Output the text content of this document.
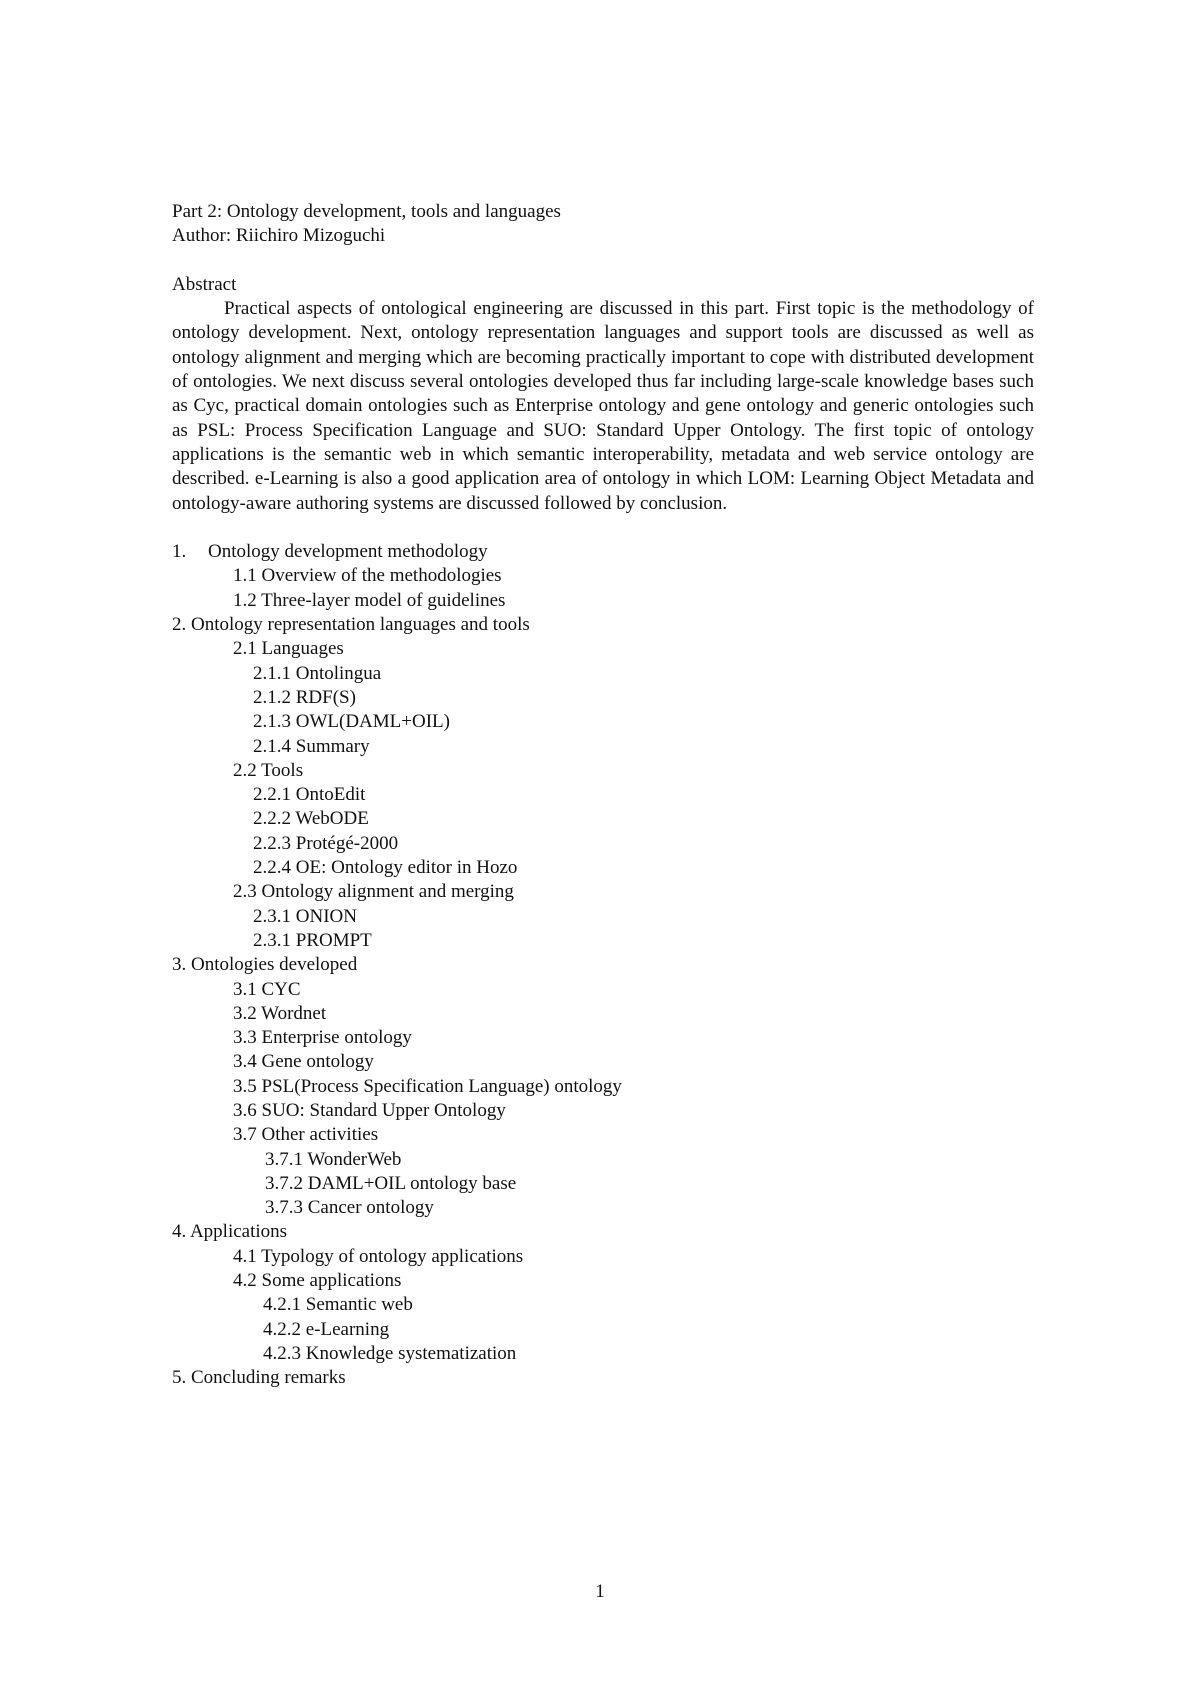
Part 2: Ontology development, tools and languages
Author: Riichiro Mizoguchi
Abstract
Practical aspects of ontological engineering are discussed in this part. First topic is the methodology of ontology development. Next, ontology representation languages and support tools are discussed as well as ontology alignment and merging which are becoming practically important to cope with distributed development of ontologies. We next discuss several ontologies developed thus far including large-scale knowledge bases such as Cyc, practical domain ontologies such as Enterprise ontology and gene ontology and generic ontologies such as PSL: Process Specification Language and SUO: Standard Upper Ontology. The first topic of ontology applications is the semantic web in which semantic interoperability, metadata and web service ontology are described. e-Learning is also a good application area of ontology in which LOM: Learning Object Metadata and ontology-aware authoring systems are discussed followed by conclusion.
1. Ontology development methodology
1.1 Overview of the methodologies
1.2 Three-layer model of guidelines
2. Ontology representation languages and tools
2.1 Languages
2.1.1 Ontolingua
2.1.2 RDF(S)
2.1.3 OWL(DAML+OIL)
2.1.4 Summary
2.2 Tools
2.2.1 OntoEdit
2.2.2 WebODE
2.2.3 Protégé-2000
2.2.4 OE: Ontology editor in Hozo
2.3 Ontology alignment and merging
2.3.1 ONION
2.3.1 PROMPT
3. Ontologies developed
3.1 CYC
3.2 Wordnet
3.3 Enterprise ontology
3.4 Gene ontology
3.5 PSL(Process Specification Language) ontology
3.6 SUO: Standard Upper Ontology
3.7 Other activities
3.7.1 WonderWeb
3.7.2 DAML+OIL ontology base
3.7.3 Cancer ontology
4. Applications
4.1 Typology of ontology applications
4.2 Some applications
4.2.1 Semantic web
4.2.2 e-Learning
4.2.3 Knowledge systematization
5. Concluding remarks
1
